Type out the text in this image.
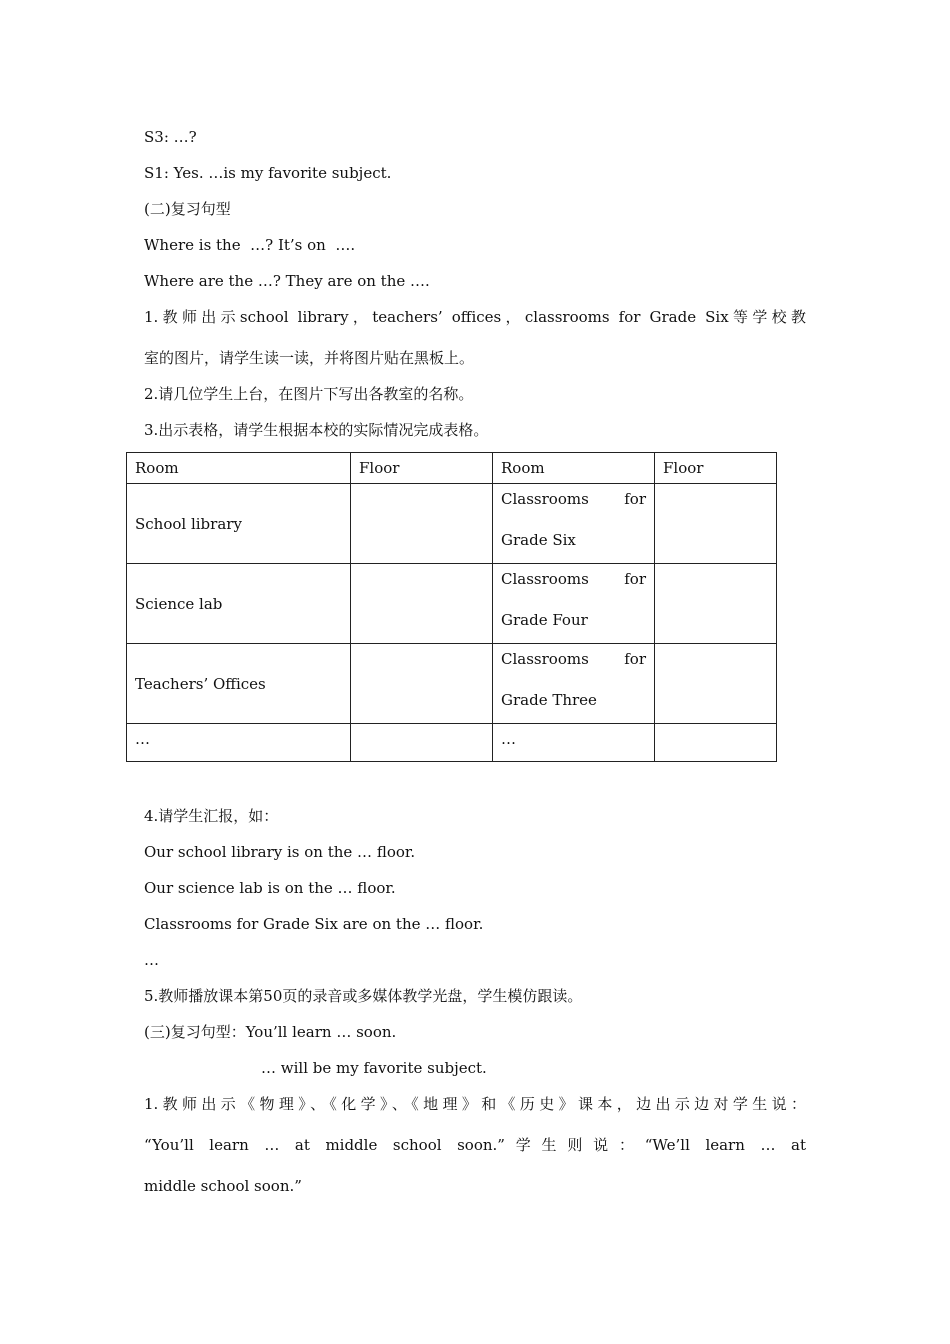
S3: …?
S1: Yes. …is my favorite subject.
(二)复习句型
Where is the  …? It’s on  ….
Where are the …? They are on the ….
1.教师出示school library，teachers’ offices，classrooms for Grade Six等学校教
室的图片，请学生读一读，并将图片贴在黑板上。
2.请几位学生上台，在图片下写出各教室的名称。
3.出示表格，请学生根据本校的实际情况完成表格。
Room	Floor	Room	Floor
School library		Classrooms for
Grade Six	

Science lab		Classrooms for
Grade Four	

Teachers’ Offices		Classrooms for
Grade Three	

…		…	
4.请学生汇报，如：
Our school library is on the … floor.
Our science lab is on the … floor.
Classrooms for Grade Six are on the … floor.
…
5.教师播放课本第50页的录音或多媒体教学光盘，学生模仿跟读。
(三)复习句型：You’ll learn … soon.
… will be my favorite subject.
1.教师出示《物理》、《化学》、《地理》和《历史》课本，边出示边对学生说：
“You’ll learn … at middle school soon.”学生则说：“We’ll learn … at
middle school soon.”
